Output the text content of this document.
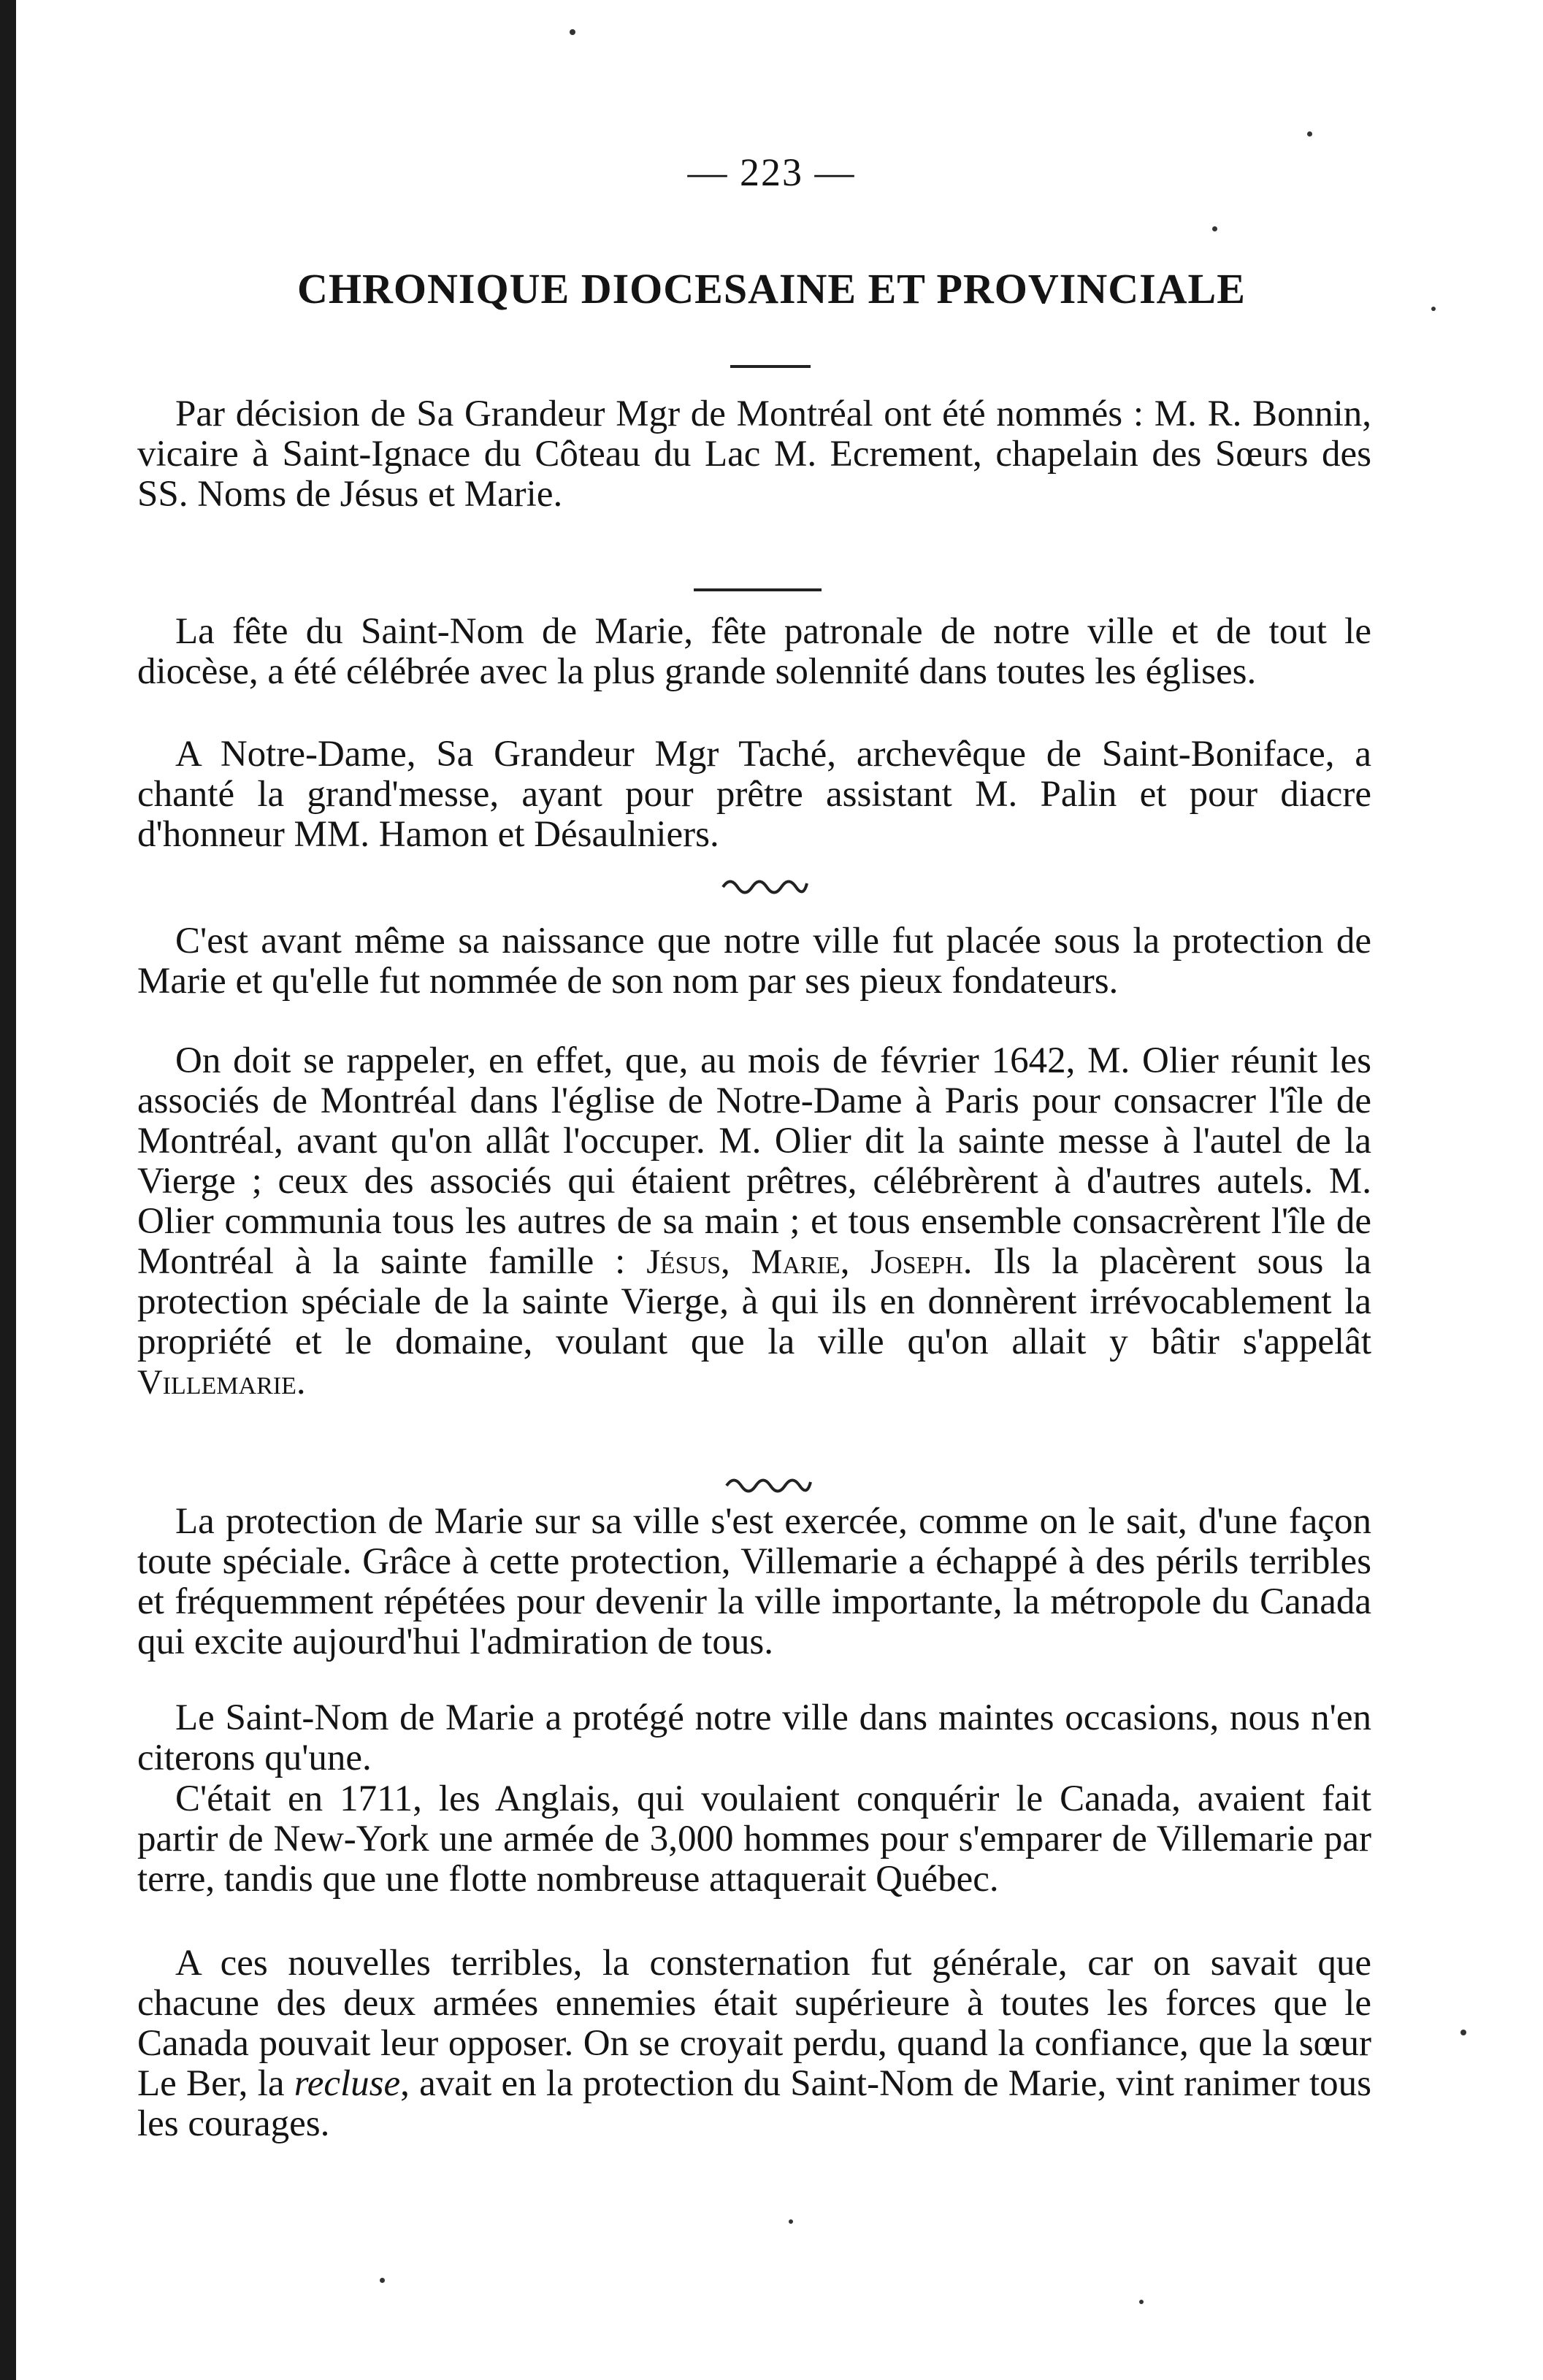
— 223 —
CHRONIQUE DIOCESAINE ET PROVINCIALE
Par décision de Sa Grandeur Mgr de Montréal ont été nommés : M. R. Bonnin, vicaire à Saint-Ignace du Côteau du Lac M. Ecrement, chapelain des Sœurs des SS. Noms de Jésus et Marie.
La fête du Saint-Nom de Marie, fête patronale de notre ville et de tout le diocèse, a été célébrée avec la plus grande solennité dans toutes les églises.
A Notre-Dame, Sa Grandeur Mgr Taché, archevêque de Saint-Boniface, a chanté la grand'messe, ayant pour prêtre assistant M. Palin et pour diacre d'honneur MM. Hamon et Désaulniers.
C'est avant même sa naissance que notre ville fut placée sous la protection de Marie et qu'elle fut nommée de son nom par ses pieux fondateurs.
On doit se rappeler, en effet, que, au mois de février 1642, M. Olier réunit les associés de Montréal dans l'église de Notre-Dame à Paris pour consacrer l'île de Montréal, avant qu'on allât l'occuper. M. Olier dit la sainte messe à l'autel de la Vierge ; ceux des associés qui étaient prêtres, célébrèrent à d'autres autels. M. Olier communia tous les autres de sa main ; et tous ensemble consacrèrent l'île de Montréal à la sainte famille : Jésus, Marie, Joseph. Ils la placèrent sous la protection spéciale de la sainte Vierge, à qui ils en donnèrent irrévocablement la propriété et le domaine, voulant que la ville qu'on allait y bâtir s'appelât Villemarie.
La protection de Marie sur sa ville s'est exercée, comme on le sait, d'une façon toute spéciale. Grâce à cette protection, Villemarie a échappé à des périls terribles et fréquemment répétées pour devenir la ville importante, la métropole du Canada qui excite aujourd'hui l'admiration de tous.
Le Saint-Nom de Marie a protégé notre ville dans maintes occasions, nous n'en citerons qu'une.
C'était en 1711, les Anglais, qui voulaient conquérir le Canada, avaient fait partir de New-York une armée de 3,000 hommes pour s'emparer de Villemarie par terre, tandis que une flotte nombreuse attaquerait Québec.
A ces nouvelles terribles, la consternation fut générale, car on savait que chacune des deux armées ennemies était supérieure à toutes les forces que le Canada pouvait leur opposer. On se croyait perdu, quand la confiance, que la sœur Le Ber, la recluse, avait en la protection du Saint-Nom de Marie, vint ranimer tous les courages.
